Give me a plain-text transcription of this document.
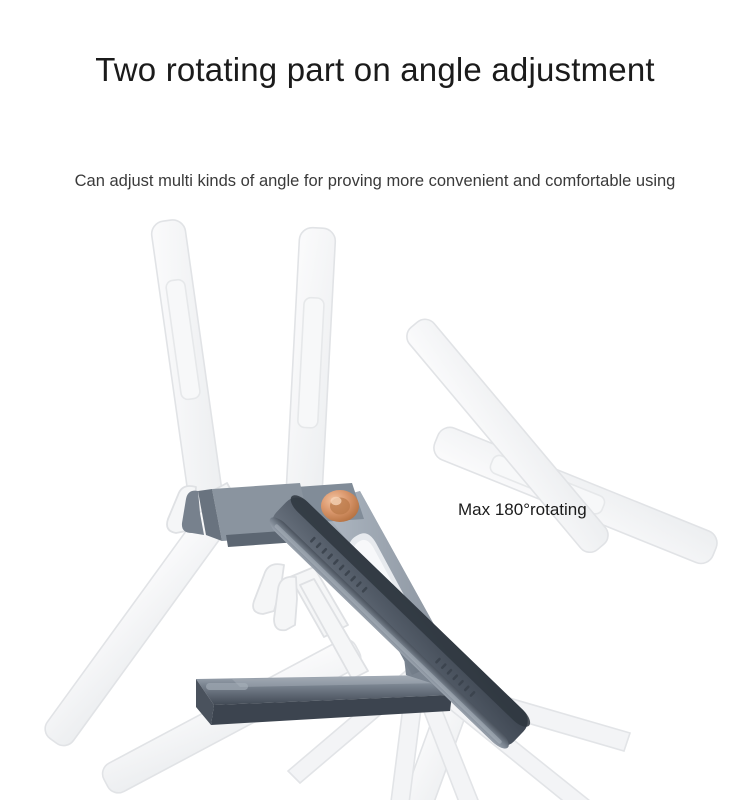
Two rotating part on angle adjustment

Can adjust multi kinds of angle for proving more convenient and comfortable using

Max 180°rotating
